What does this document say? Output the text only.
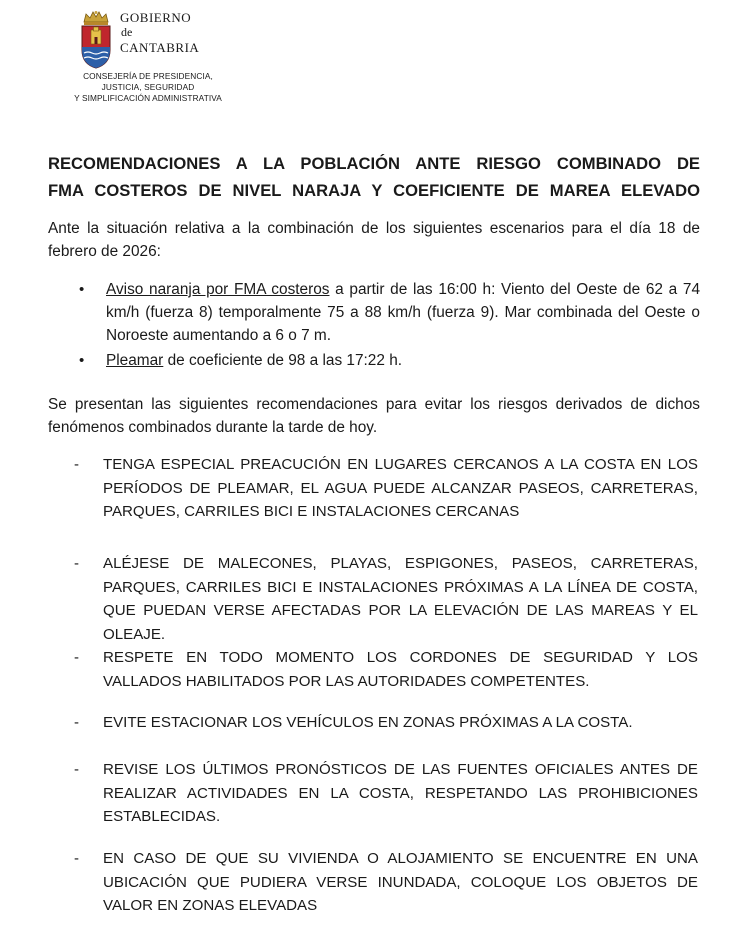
GOBIERNO
de
CANTABRIA
CONSEJERÍA DE PRESIDENCIA,
JUSTICIA, SEGURIDAD
Y SIMPLIFICACIÓN ADMINISTRATIVA
RECOMENDACIONES A LA POBLACIÓN ANTE RIESGO COMBINADO DE
FMA COSTEROS DE NIVEL NARAJA Y COEFICIENTE DE MAREA ELEVADO
Ante la situación relativa a la combinación de los siguientes escenarios para el día 18 de febrero de 2026:
• Aviso naranja por FMA costeros a partir de las 16:00 h: Viento del Oeste de 62 a 74 km/h (fuerza 8) temporalmente 75 a 88 km/h (fuerza 9). Mar combinada del Oeste o Noroeste aumentando a 6 o 7 m.
• Pleamar de coeficiente de 98 a las 17:22 h.
Se presentan las siguientes recomendaciones para evitar los riesgos derivados de dichos fenómenos combinados durante la tarde de hoy.
- TENGA ESPECIAL PREACUCIÓN EN LUGARES CERCANOS A LA COSTA EN LOS PERÍODOS DE PLEAMAR, EL AGUA PUEDE ALCANZAR PASEOS, CARRETERAS, PARQUES, CARRILES BICI E INSTALACIONES CERCANAS
- ALÉJESE DE MALECONES, PLAYAS, ESPIGONES, PASEOS, CARRETERAS, PARQUES, CARRILES BICI E INSTALACIONES PRÓXIMAS A LA LÍNEA DE COSTA, QUE PUEDAN VERSE AFECTADAS POR LA ELEVACIÓN DE LAS MAREAS Y EL OLEAJE.
- RESPETE EN TODO MOMENTO LOS CORDONES DE SEGURIDAD Y LOS VALLADOS HABILITADOS POR LAS AUTORIDADES COMPETENTES.
- EVITE ESTACIONAR LOS VEHÍCULOS EN ZONAS PRÓXIMAS A LA COSTA.
- REVISE LOS ÚLTIMOS PRONÓSTICOS DE LAS FUENTES OFICIALES ANTES DE REALIZAR ACTIVIDADES EN LA COSTA, RESPETANDO LAS PROHIBICIONES ESTABLECIDAS.
- EN CASO DE QUE SU VIVIENDA O ALOJAMIENTO SE ENCUENTRE EN UNA UBICACIÓN QUE PUDIERA VERSE INUNDADA, COLOQUE LOS OBJETOS DE VALOR EN ZONAS ELEVADAS
